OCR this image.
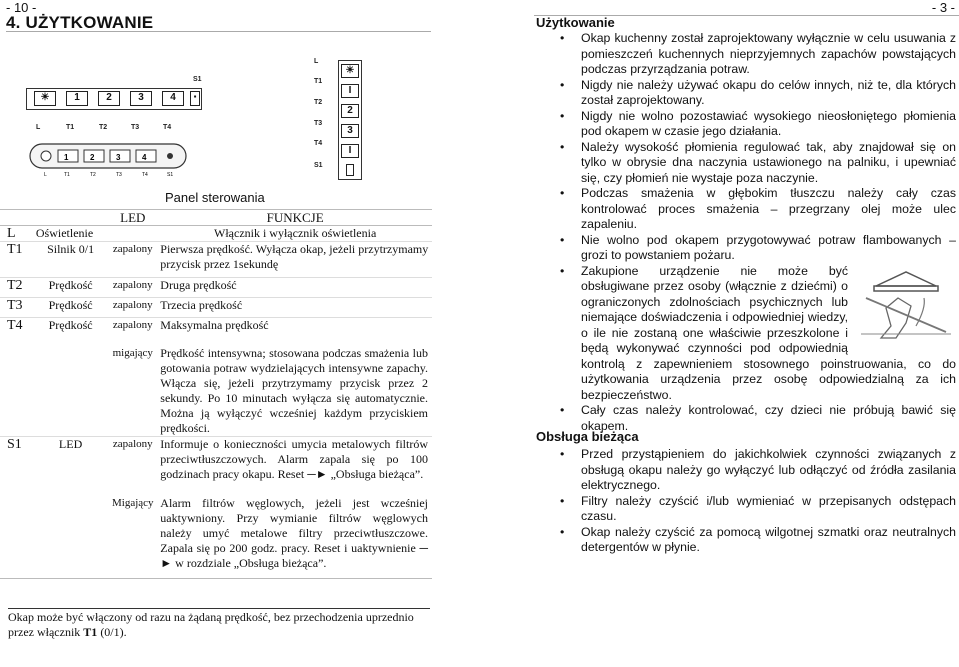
- 10 -
4. UŻYTKOWANIE
☀	1	2	3	4	▪
S1
L	T1	T2	T3	T4
1	2	3	4
L	T1	T2	T3	T4	S1
L
T1
T2
T3
T4
S1
☀
I
2
3
I
Panel sterowania
		LED	FUNKCJE
L	Oświetlenie		Włącznik i wyłącznik oświetlenia
T1	Silnik 0/1	zapalony	Pierwsza prędkość. Wyłącza okap, jeżeli przytrzymamy przycisk przez 1sekundę
T2	Prędkość	zapalony	Druga prędkość
T3	Prędkość	zapalony	Trzecia prędkość
T4	Prędkość	zapalony	Maksymalna prędkość
		migający	Prędkość intensywna; stosowana podczas smażenia lub gotowania potraw wydzielających intensywne zapachy. Włącza się, jeżeli przytrzymamy przycisk przez 2 sekundy. Po 10 minutach wyłącza się automatycznie. Można ją wyłączyć wcześniej każdym przyciskiem prędkości.
S1	LED	zapalony	Informuje o konieczności umycia metalowych filtrów przeciwtłuszczowych. Alarm zapala się po 100 godzinach pracy okapu. Reset ─► „Obsługa bieżąca”.
		Migający	Alarm filtrów węglowych, jeżeli jest wcześniej uaktywniony. Przy wymianie filtrów węglowych należy umyć metalowe filtry przeciwtłuszczowe. Zapala się po 200 godz. pracy. Reset i uaktywnienie ─ ► w rozdziale „Obsługa bieżąca”.
Okap może być włączony od razu na żądaną prędkość, bez przechodzenia uprzednio przez włącznik T1 (0/1).
- 3 -
Użytkowanie
• Okap kuchenny został zaprojektowany wyłącznie w celu usuwania z pomieszczeń kuchennych nieprzyjemnych zapachów powstających podczas przyrządzania potraw.
• Nigdy nie należy używać okapu do celów innych, niż te, dla których został zaprojektowany.
• Nigdy nie wolno pozostawiać wysokiego nieosłoniętego płomienia pod okapem w czasie jego działania.
• Należy wysokość płomienia regulować tak, aby znajdował się on tylko w obrysie dna naczynia ustawionego na palniku, i upewniać się, czy płomień nie wystaje poza naczynie.
• Podczas smażenia w głębokim tłuszczu należy cały czas kontrolować proces smażenia – przegrzany olej może ulec zapaleniu.
• Nie wolno pod okapem przygotowywać potraw flambowanych – grozi to powstaniem pożaru.
• Zakupione urządzenie nie może być obsługiwane przez osoby (włącznie z dziećmi) o ograniczonych zdolnościach psychicznych lub niemające doświadczenia i odpowiedniej wiedzy, o ile nie zostaną one właściwie przeszkolone i będą wykonywać czynności pod odpowiednią kontrolą z zapewnieniem stosownego poinstruowania, co do użytkowania urządzenia przez osobę odpowiedzialną za ich bezpieczeństwo.
• Cały czas należy kontrolować, czy dzieci nie próbują bawić się okapem.
Obsługa bieżąca
• Przed przystąpieniem do jakichkolwiek czynności związanych z obsługą okapu należy go wyłączyć lub odłączyć od źródła zasilania elektrycznego.
• Filtry należy czyścić i/lub wymieniać w przepisanych odstępach czasu.
• Okap należy czyścić za pomocą wilgotnej szmatki oraz neutralnych detergentów w płynie.
